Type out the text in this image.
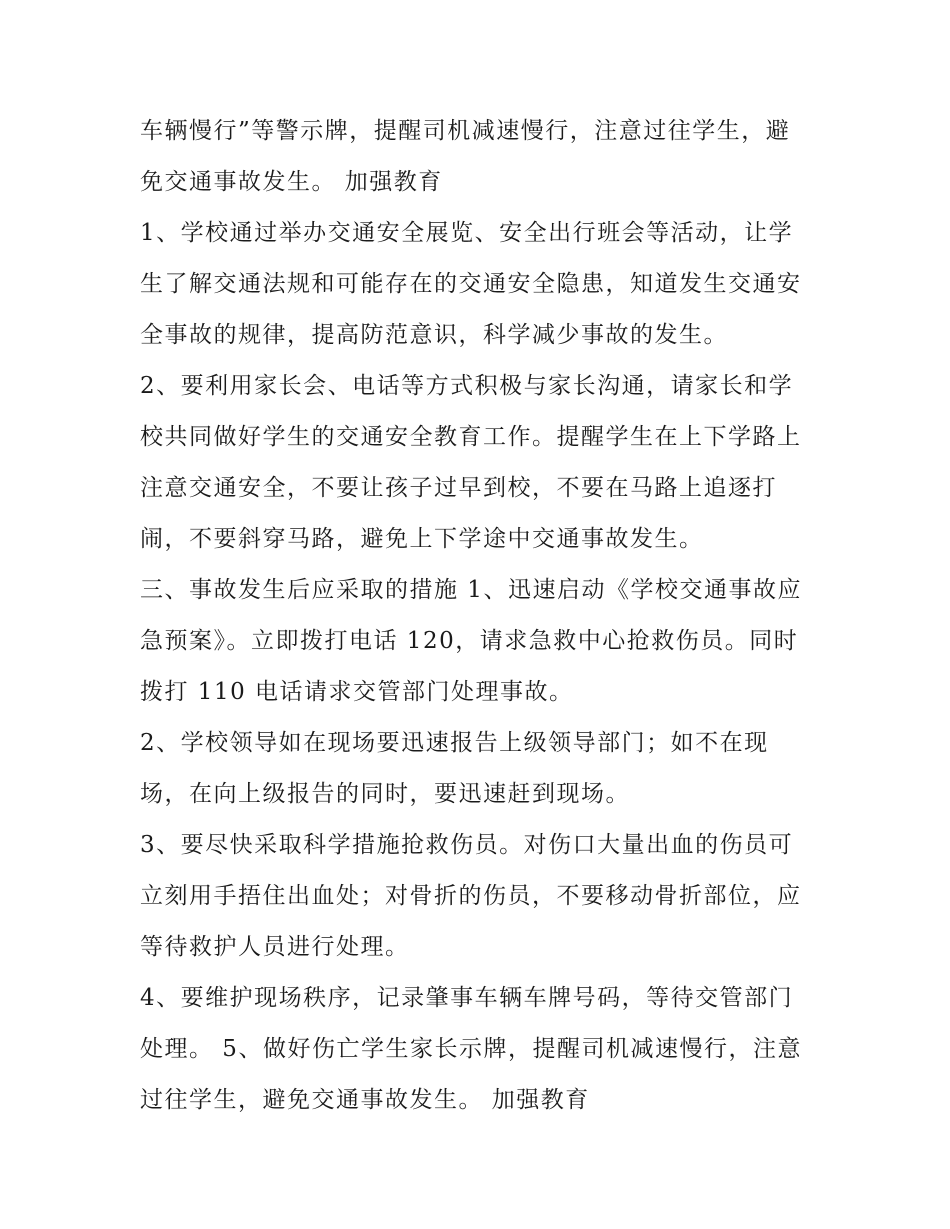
车辆慢行”等警示牌，提醒司机减速慢行，注意过往学生，避
免交通事故发生。 加强教育
1、学校通过举办交通安全展览、安全出行班会等活动，让学
生了解交通法规和可能存在的交通安全隐患，知道发生交通安
全事故的规律，提高防范意识，科学减少事故的发生。
2、要利用家长会、电话等方式积极与家长沟通，请家长和学
校共同做好学生的交通安全教育工作。提醒学生在上下学路上
注意交通安全，不要让孩子过早到校，不要在马路上追逐打
闹，不要斜穿马路，避免上下学途中交通事故发生。
三、事故发生后应采取的措施 1、迅速启动《学校交通事故应
急预案》。立即拨打电话 120，请求急救中心抢救伤员。同时
拨打 110 电话请求交管部门处理事故。
2、学校领导如在现场要迅速报告上级领导部门；如不在现
场，在向上级报告的同时，要迅速赶到现场。
3、要尽快采取科学措施抢救伤员。对伤口大量出血的伤员可
立刻用手捂住出血处；对骨折的伤员，不要移动骨折部位，应
等待救护人员进行处理。
4、要维护现场秩序，记录肇事车辆车牌号码，等待交管部门
处理。 5、做好伤亡学生家长示牌，提醒司机减速慢行，注意
过往学生，避免交通事故发生。 加强教育
